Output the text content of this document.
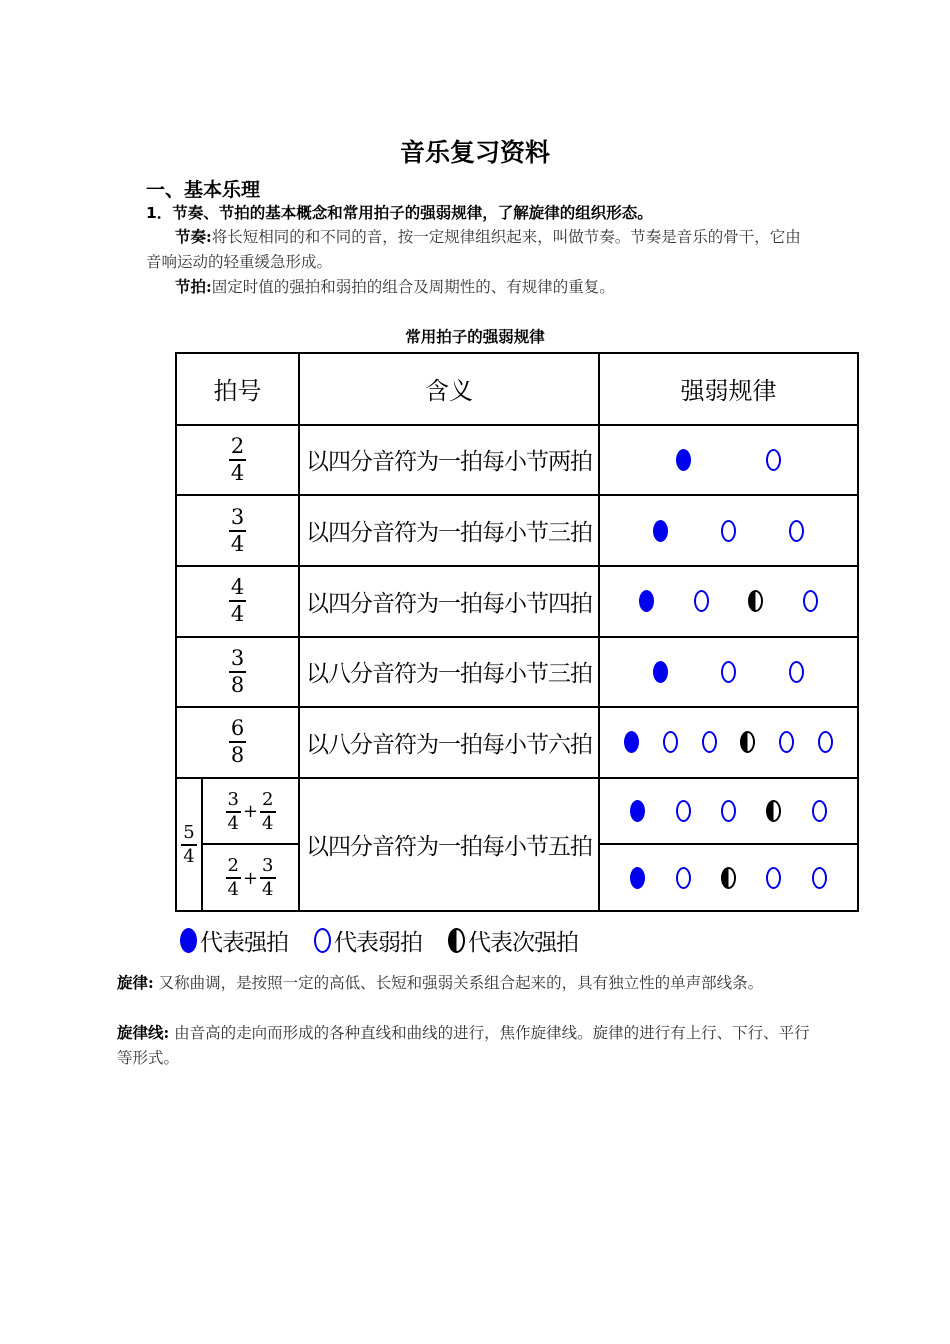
音乐复习资料
一、基本乐理
1．节奏、节拍的基本概念和常用拍子的强弱规律，了解旋律的组织形态。
节奏:将长短相同的和不同的音，按一定规律组织起来，叫做节奏。节奏是音乐的骨干，它由音响运动的轻重缓急形成。
节拍:固定时值的强拍和弱拍的组合及周期性的、有规律的重复。
常用拍子的强弱规律
拍号		含义	强弱规律

$\frac{2}{4}$		以四分音符为一拍每小节两拍	

$\frac{3}{4}$		以四分音符为一拍每小节三拍	

$\frac{4}{4}$		以四分音符为一拍每小节四拍	

$\frac{3}{8}$		以八分音符为一拍每小节三拍	

$\frac{6}{8}$		以八分音符为一拍每小节六拍	

$\frac{5}{4}$	$\frac{3}{4} + \frac{2}{4}$	以四分音符为一拍每小节五拍	

	$\frac{2}{4} + \frac{3}{4}$

代表强拍 代表弱拍 代表次强拍
旋律: 又称曲调，是按照一定的高低、长短和强弱关系组合起来的，具有独立性的单声部线条。
旋律线: 由音高的走向而形成的各种直线和曲线的进行，焦作旋律线。旋律的进行有上行、下行、平行等形式。
